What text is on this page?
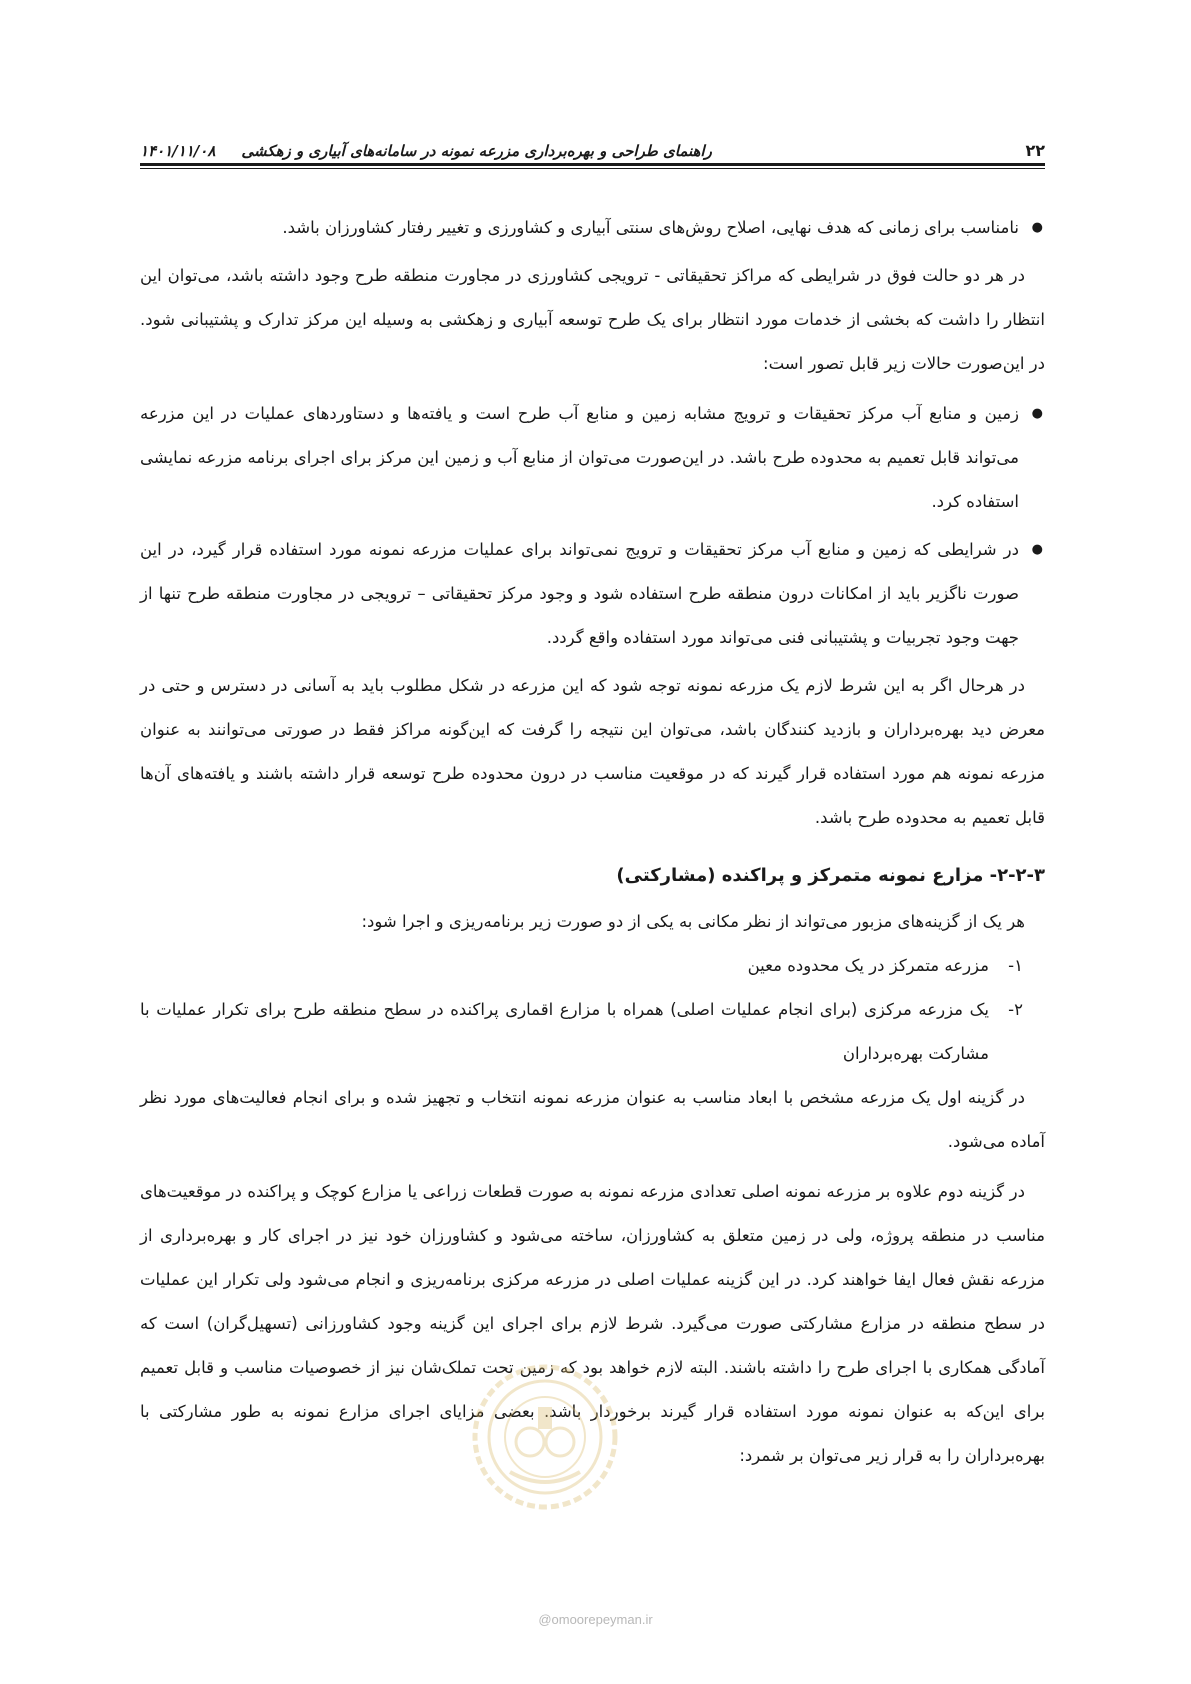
۲۲
راهنمای طراحی و بهره‌برداری مزرعه نمونه در سامانه‌های آبیاری و زهکشی
۱۴۰۱/۱۱/۰۸
●
نامناسب برای زمانی که هدف نهایی، اصلاح روش‌های سنتی آبیاری و کشاورزی و تغییر رفتار کشاورزان باشد.

در هر دو حالت فوق در شرایطی که مراکز تحقیقاتی - ترویجی کشاورزی در مجاورت منطقه طرح وجود داشته باشد، می‌توان این انتظار را داشت که بخشی از خدمات مورد انتظار برای یک طرح توسعه آبیاری و زهکشی به وسیله این مرکز تدارک و پشتیبانی شود. در این‌صورت حالات زیر قابل تصور است:

●
زمین و منابع آب مرکز تحقیقات و ترویج مشابه زمین و منابع آب طرح است و یافته‌ها و دستاوردهای عملیات در این مزرعه می‌تواند قابل تعمیم به محدوده طرح باشد. در این‌صورت می‌توان از منابع آب و زمین این مرکز برای اجرای برنامه مزرعه نمایشی استفاده کرد.
●
در شرایطی که زمین و منابع آب مرکز تحقیقات و ترویج نمی‌تواند برای عملیات مزرعه نمونه مورد استفاده قرار گیرد، در این صورت ناگزیر باید از امکانات درون منطقه طرح استفاده شود و وجود مرکز تحقیقاتی – ترویجی در مجاورت منطقه طرح تنها از جهت وجود تجربیات و پشتیبانی فنی می‌تواند مورد استفاده واقع گردد.

در هرحال اگر به این شرط لازم یک مزرعه نمونه توجه شود که این مزرعه در شکل مطلوب باید به آسانی در دسترس و حتی در معرض دید بهره‌برداران و بازدید کنندگان باشد، می‌توان این نتیجه را گرفت که این‌گونه مراکز فقط در صورتی می‌توانند به عنوان مزرعه نمونه هم مورد استفاده قرار گیرند که در موقعیت مناسب در درون محدوده طرح توسعه قرار داشته باشند و یافته‌های آن‌ها قابل تعمیم به محدوده طرح باشد.

۲-۲-۳- مزارع نمونه متمرکز و پراکنده (مشارکتی)

هر یک از گزینه‌های مزبور می‌تواند از نظر مکانی به یکی از دو صورت زیر برنامه‌ریزی و اجرا شود:

۱-
مزرعه متمرکز در یک محدوده معین
۲-
یک مزرعه مرکزی (برای انجام عملیات اصلی) همراه با مزارع اقماری پراکنده در سطح منطقه طرح برای تکرار عملیات با مشارکت بهره‌برداران

در گزینه اول یک مزرعه مشخص با ابعاد مناسب به عنوان مزرعه نمونه انتخاب و تجهیز شده و برای انجام فعالیت‌های مورد نظر آماده می‌شود.

در گزینه دوم علاوه بر مزرعه نمونه اصلی تعدادی مزرعه نمونه به صورت قطعات زراعی یا مزارع کوچک و پراکنده در موقعیت‌های مناسب در منطقه پروژه، ولی در زمین متعلق به کشاورزان، ساخته می‌شود و کشاورزان خود نیز در اجرای کار و بهره‌برداری از مزرعه نقش فعال ایفا خواهند کرد. در این گزینه عملیات اصلی در مزرعه مرکزی برنامه‌ریزی و انجام می‌شود ولی تکرار این عملیات در سطح منطقه در مزارع مشارکتی صورت می‌گیرد. شرط لازم برای اجرای این گزینه وجود کشاورزانی (تسهیل‌گران) است که آمادگی همکاری با اجرای طرح را داشته باشند. البته لازم خواهد بود که زمین تحت تملک‌شان نیز از خصوصیات مناسب و قابل تعمیم برای این‌که به عنوان نمونه مورد استفاده قرار گیرند برخوردار باشد. بعضی مزایای اجرای مزارع نمونه به طور مشارکتی با بهره‌برداران را به قرار زیر می‌توان بر شمرد:

@omoorepeyman.ir
